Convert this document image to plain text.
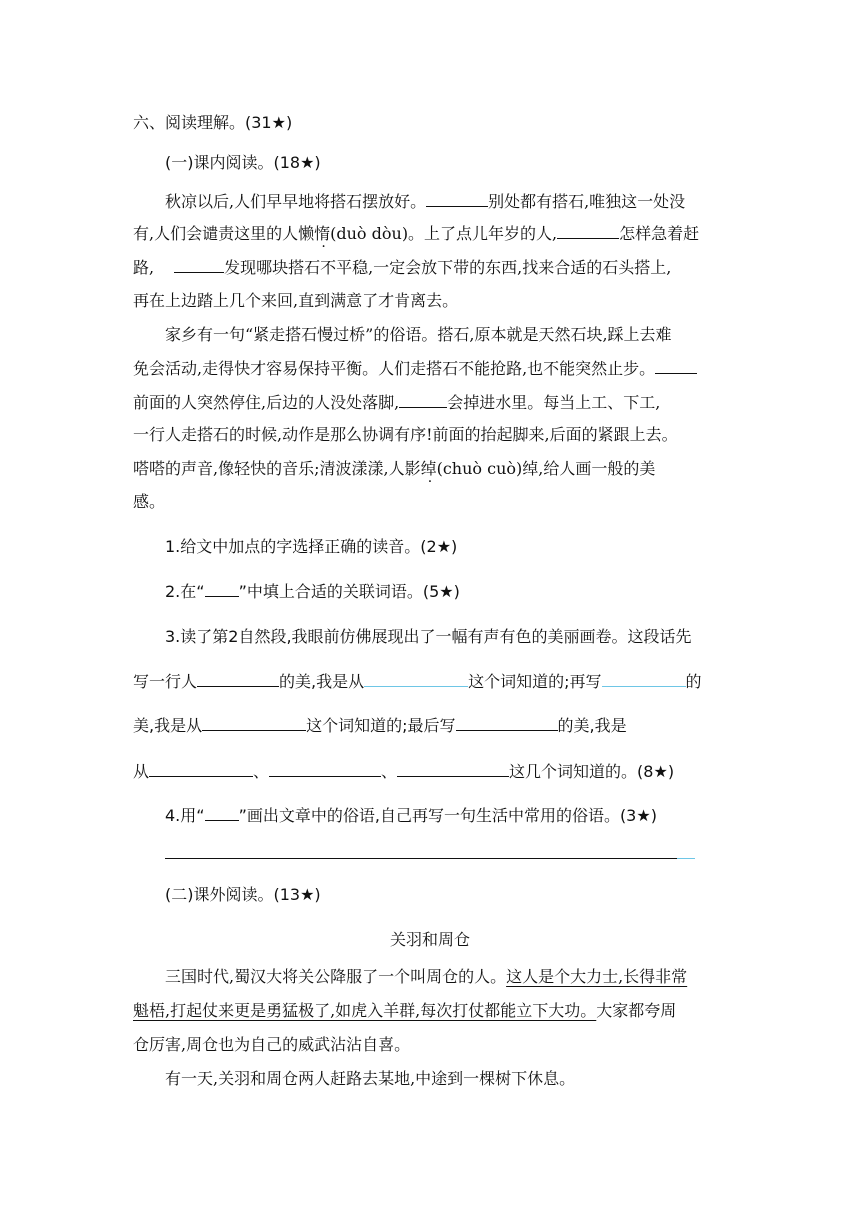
六、阅读理解。(31★)
(一)课内阅读。(18★)
秋凉以后,人们早早地将搭石摆放好。	别处都有搭石,唯独这一处没
有,人们会谴责这里的人懒惰(duò dòu)。上了点儿年岁的人,	怎样急着赶
路,	发现哪块搭石不平稳,一定会放下带的东西,找来合适的石头搭上,
再在上边踏上几个来回,直到满意了才肯离去。
家乡有一句“紧走搭石慢过桥”的俗语。搭石,原本就是天然石块,踩上去难
免会活动,走得快才容易保持平衡。人们走搭石不能抢路,也不能突然止步。
前面的人突然停住,后边的人没处落脚,	会掉进水里。每当上工、下工,
一行人走搭石的时候,动作是那么协调有序!前面的抬起脚来,后面的紧跟上去。
嗒嗒的声音,像轻快的音乐;清波漾漾,人影绰(chuò cuò)绰,给人画一般的美
感。
1.给文中加点的字选择正确的读音。(2★)
2.在“ ”中填上合适的关联词语。(5★)
3.读了第2自然段,我眼前仿佛展现出了一幅有声有色的美丽画卷。这段话先
写一行人	的美,我是从	这个词知道的;再写	的
美,我是从	这个词知道的;最后写	的美,我是
从	、	、	这几个词知道的。(8★)
4.用“ ”画出文章中的俗语,自己再写一句生活中常用的俗语。(3★)
(二)课外阅读。(13★)
关羽和周仓
三国时代,蜀汉大将关公降服了一个叫周仓的人。这人是个大力士,长得非常
魁梧,打起仗来更是勇猛极了,如虎入羊群,每次打仗都能立下大功。大家都夸周
仓厉害,周仓也为自己的威武沾沾自喜。
有一天,关羽和周仓两人赶路去某地,中途到一棵树下休息。
